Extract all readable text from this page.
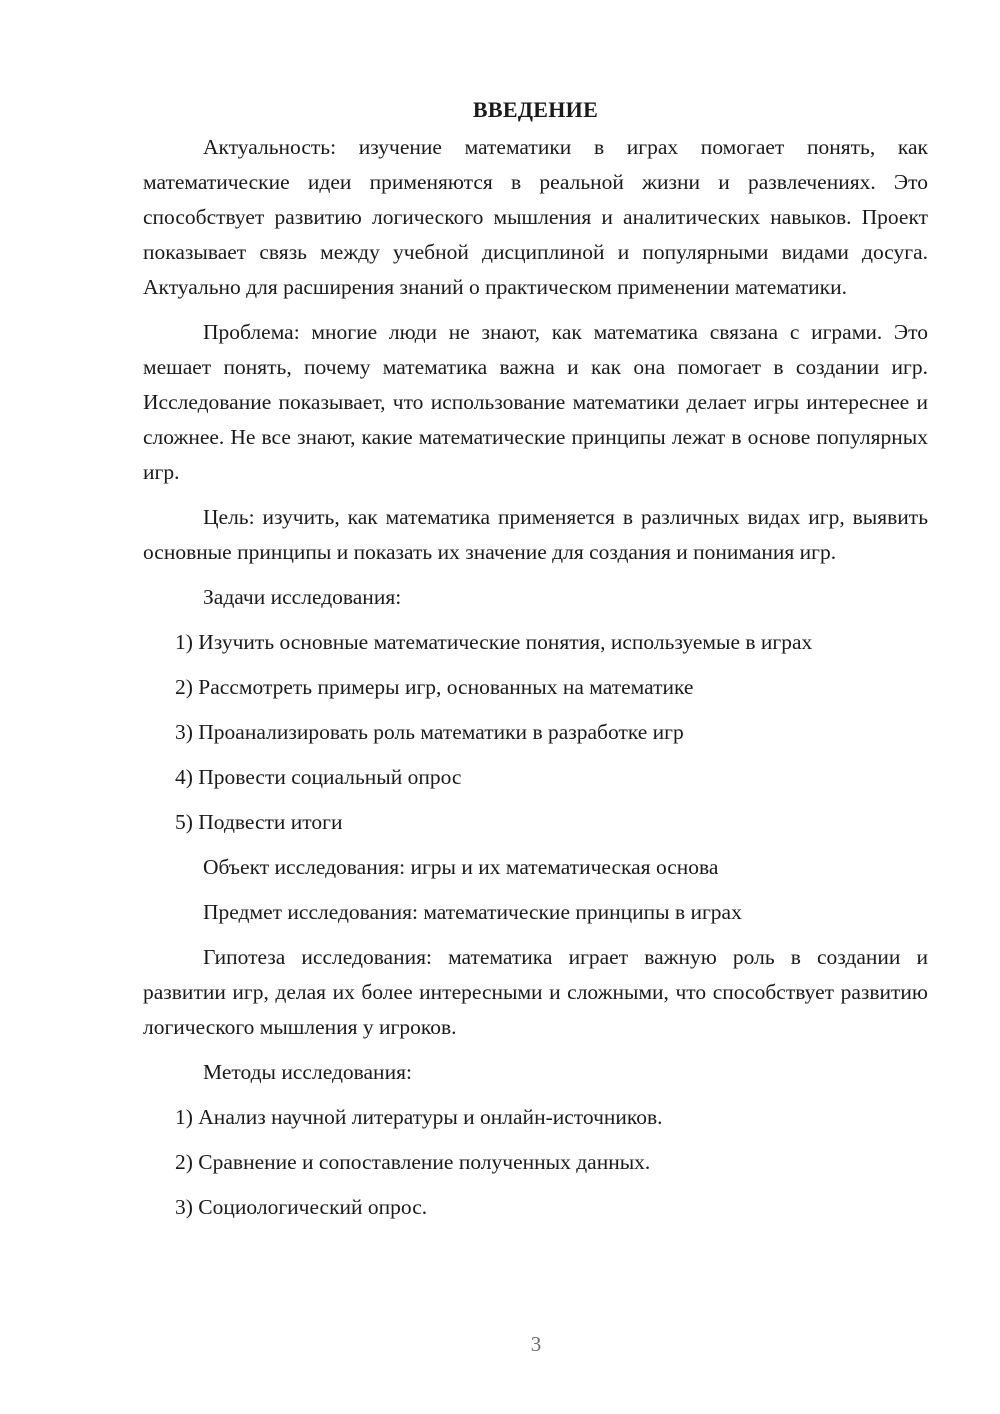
ВВЕДЕНИЕ

Актуальность: изучение математики в играх помогает понять, как математические идеи применяются в реальной жизни и развлечениях. Это способствует развитию логического мышления и аналитических навыков. Проект показывает связь между учебной дисциплиной и популярными видами досуга. Актуально для расширения знаний о практическом применении математики.

Проблема: многие люди не знают, как математика связана с играми. Это мешает понять, почему математика важна и как она помогает в создании игр. Исследование показывает, что использование математики делает игры интереснее и сложнее. Не все знают, какие математические принципы лежат в основе популярных игр.

Цель: изучить, как математика применяется в различных видах игр, выявить основные принципы и показать их значение для создания и понимания игр.

Задачи исследования:
1) Изучить основные математические понятия, используемые в играх
2) Рассмотреть примеры игр, основанных на математике
3) Проанализировать роль математики в разработке игр
4) Провести социальный опрос
5) Подвести итоги
Объект исследования: игры и их математическая основа
Предмет исследования: математические принципы в играх

Гипотеза исследования: математика играет важную роль в создании и развитии игр, делая их более интересными и сложными, что способствует развитию логического мышления у игроков.

Методы исследования:
1) Анализ научной литературы и онлайн-источников.
2) Сравнение и сопоставление полученных данных.
3) Социологический опрос.
3
